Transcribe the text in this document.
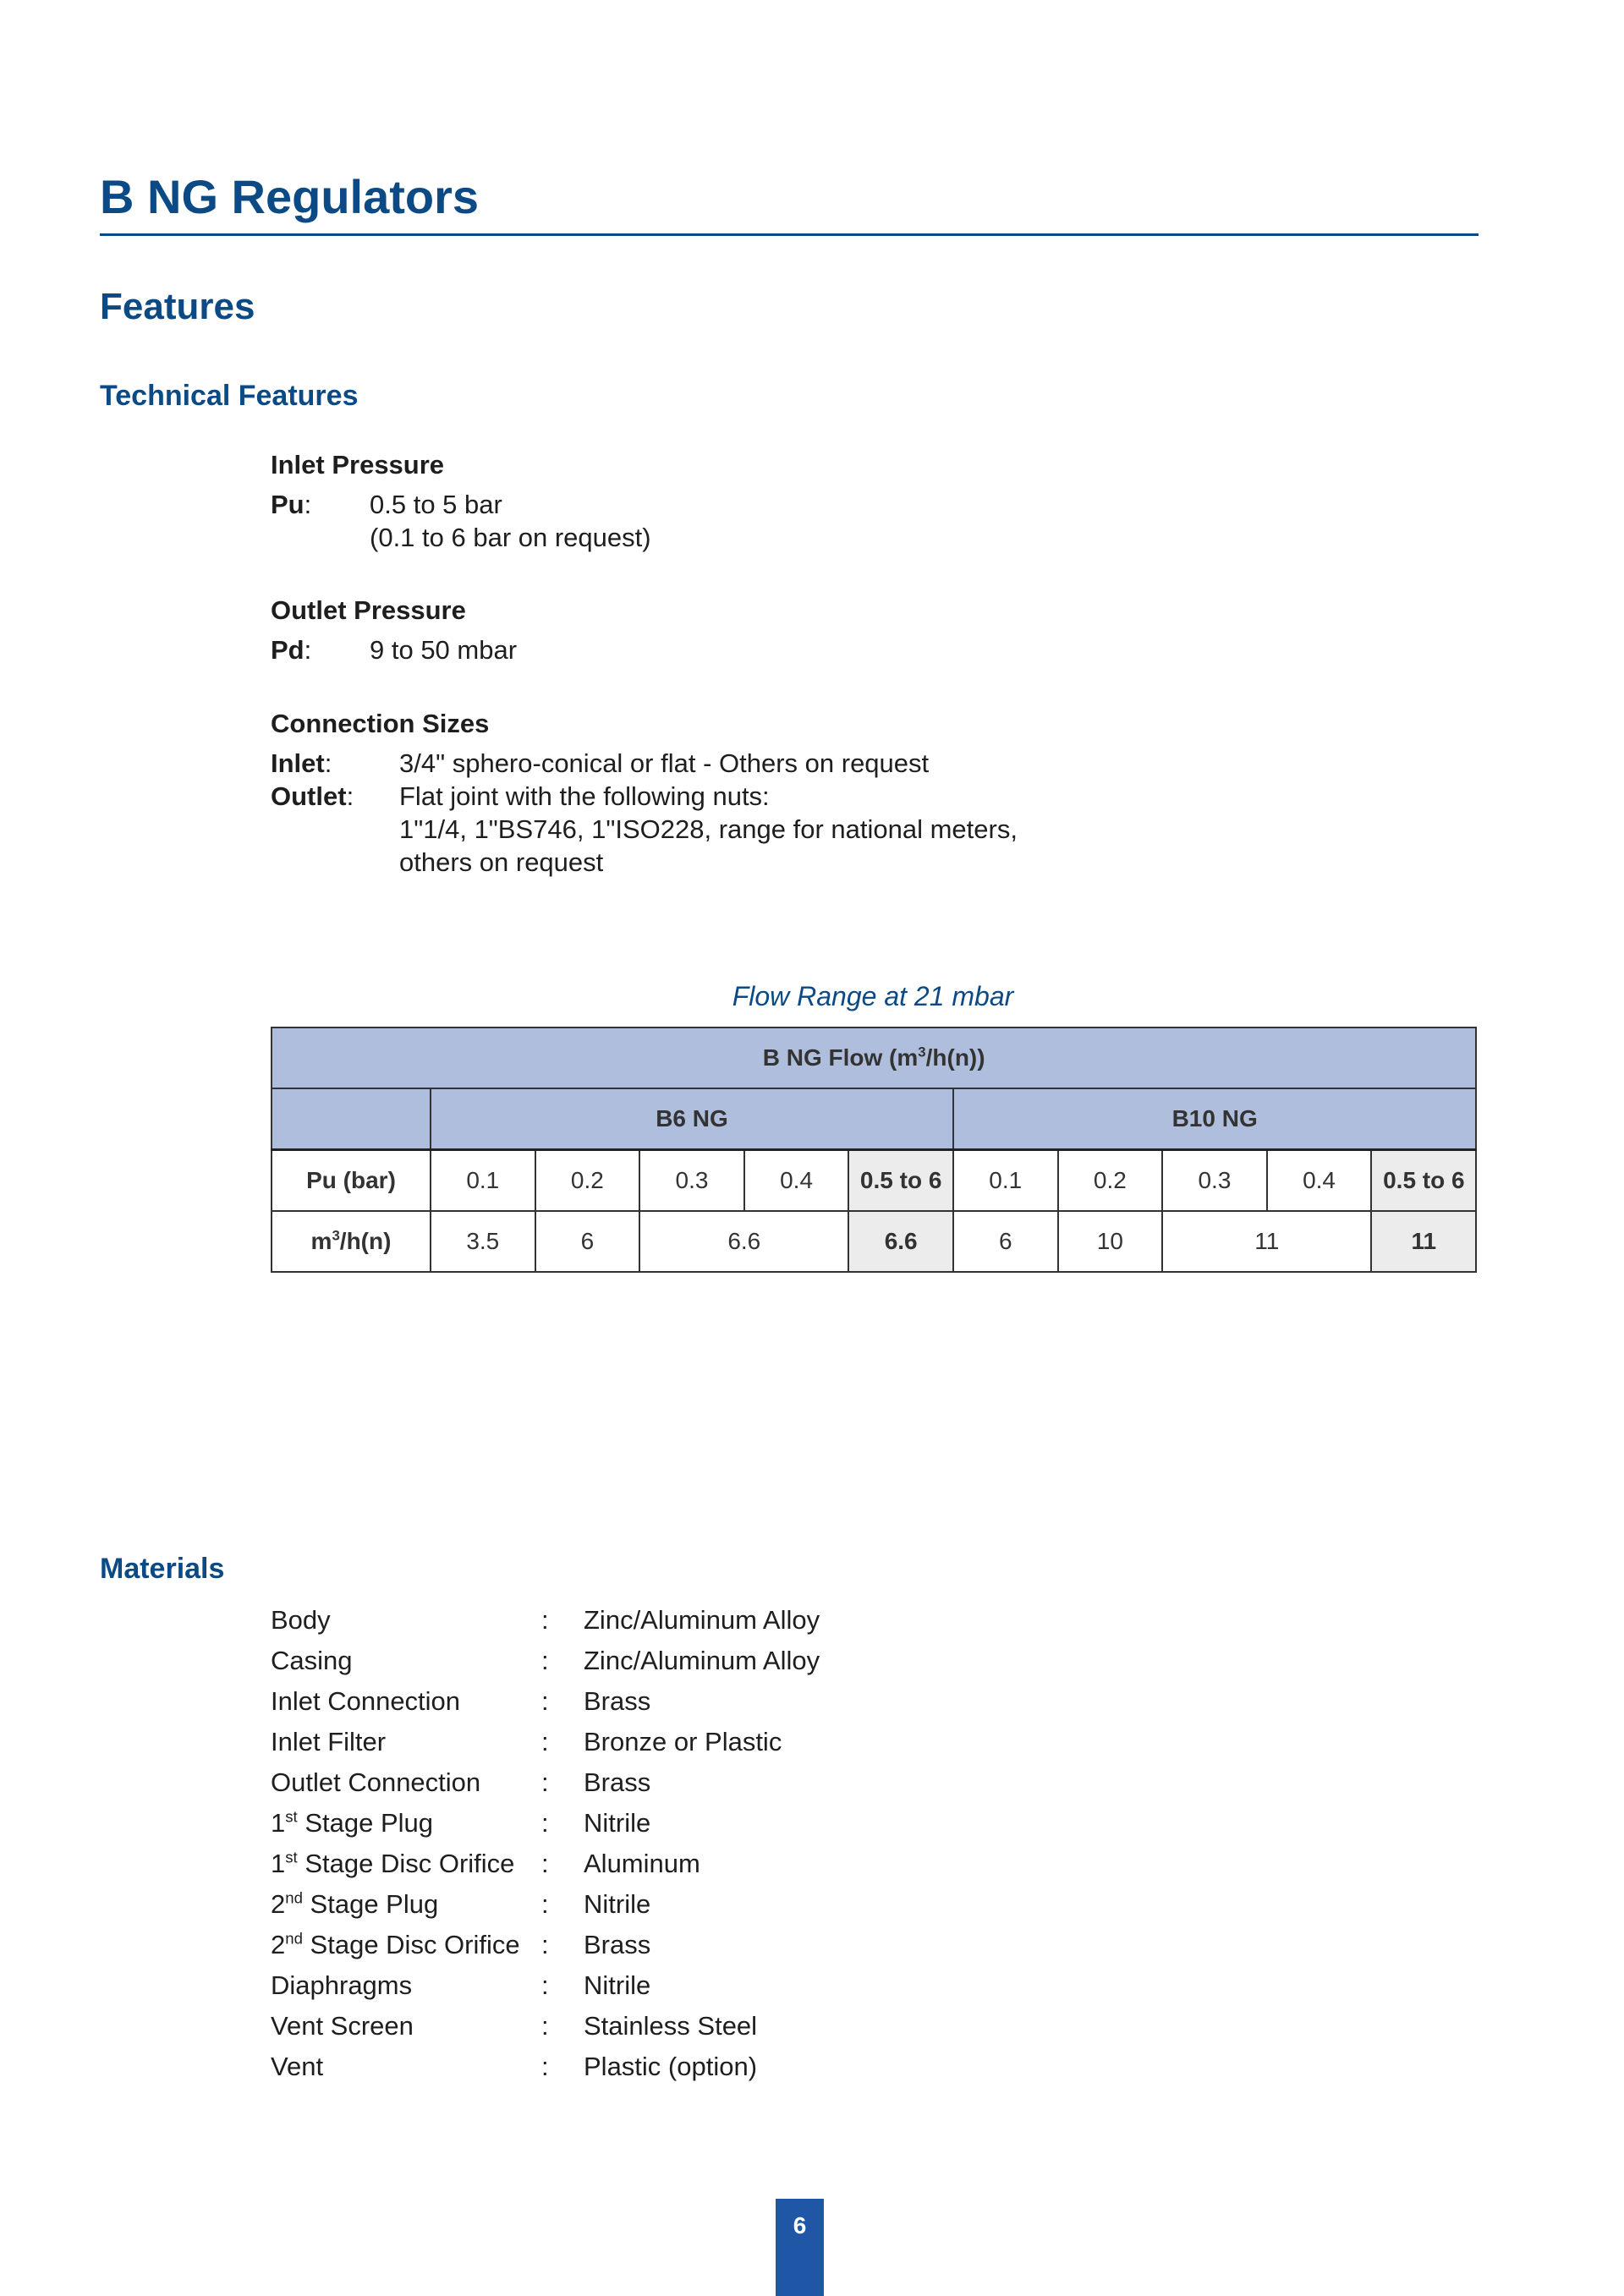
B NG Regulators
Features
Technical Features
Inlet Pressure
Pu:	0.5 to 5 bar
(0.1 to 6 bar on request)
Outlet Pressure
Pd:	9 to 50 mbar
Connection Sizes
Inlet:	3/4" sphero-conical or flat - Others on request
Outlet:	Flat joint with the following nuts:
1"1/4, 1"BS746, 1"ISO228, range for national meters,
others on request
Flow Range at 21 mbar
B NG Flow $(m^3/h(n))$										
	B6 NG					B10 NG				
Pu (bar)	0.1	0.2	0.3	0.4	0.5 to 6	0.1	0.2	0.3	0.4	0.5 to 6
$m^3/h(n)$	3.5	6	6.6		6.6	6	10	11		11
Materials
Body	:	Zinc/Aluminum Alloy
Casing	:	Zinc/Aluminum Alloy
Inlet Connection	:	Brass
Inlet Filter	:	Bronze or Plastic
Outlet Connection	:	Brass
1st Stage Plug	:	Nitrile
1st Stage Disc Orifice	:	Aluminum
2nd Stage Plug	:	Nitrile
2nd Stage Disc Orifice :	Brass
Diaphragms	:	Nitrile
Vent Screen	:	Stainless Steel
Vent	:	Plastic (option)
6
